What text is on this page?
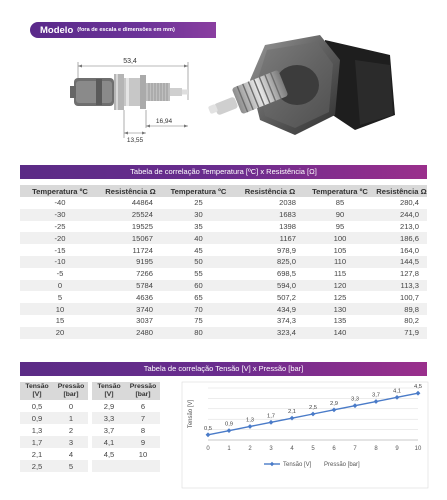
Modelo (fora de escala e dimensões em mm)
53,4
13,55
16,94
Tabela de correlação Temperatura [ºC] x Resistência [Ω]
Temperatura ºC	Resistência Ω	Temperatura ºC	Resistência Ω	Temperatura ºC	Resistência Ω
-40	44864	25	2038	85	280,4
-30	25524	30	1683	90	244,0
-25	19525	35	1398	95	213,0
-20	15067	40	1167	100	186,6
-15	11724	45	978,9	105	164,0
-10	9195	50	825,0	110	144,5
-5	7266	55	698,5	115	127,8
0	5784	60	594,0	120	113,3
5	4636	65	507,2	125	100,7
10	3740	70	434,9	130	89,8
15	3037	75	374,3	135	80,2
20	2480	80	323,4	140	71,9
Tabela de correlação Tensão [V] x Pressão [bar]
Tensão
[V]	Pressão
[bar]		Tensão
[V]	Pressão
[bar]
0,5	0		2,9	6
0,9	1		3,3	7
1,3	2		3,7	8
1,7	3		4,1	9
2,1	4		4,5	10
2,5	5			
0	1	2	3	4	5	6	7	8	9	10
Tensão [V]
0,5
0,9
1,3
1,7
2,1
2,5
2,9
3,3
3,7
4,1
4,5
Tensão [V] Pressão [bar]
